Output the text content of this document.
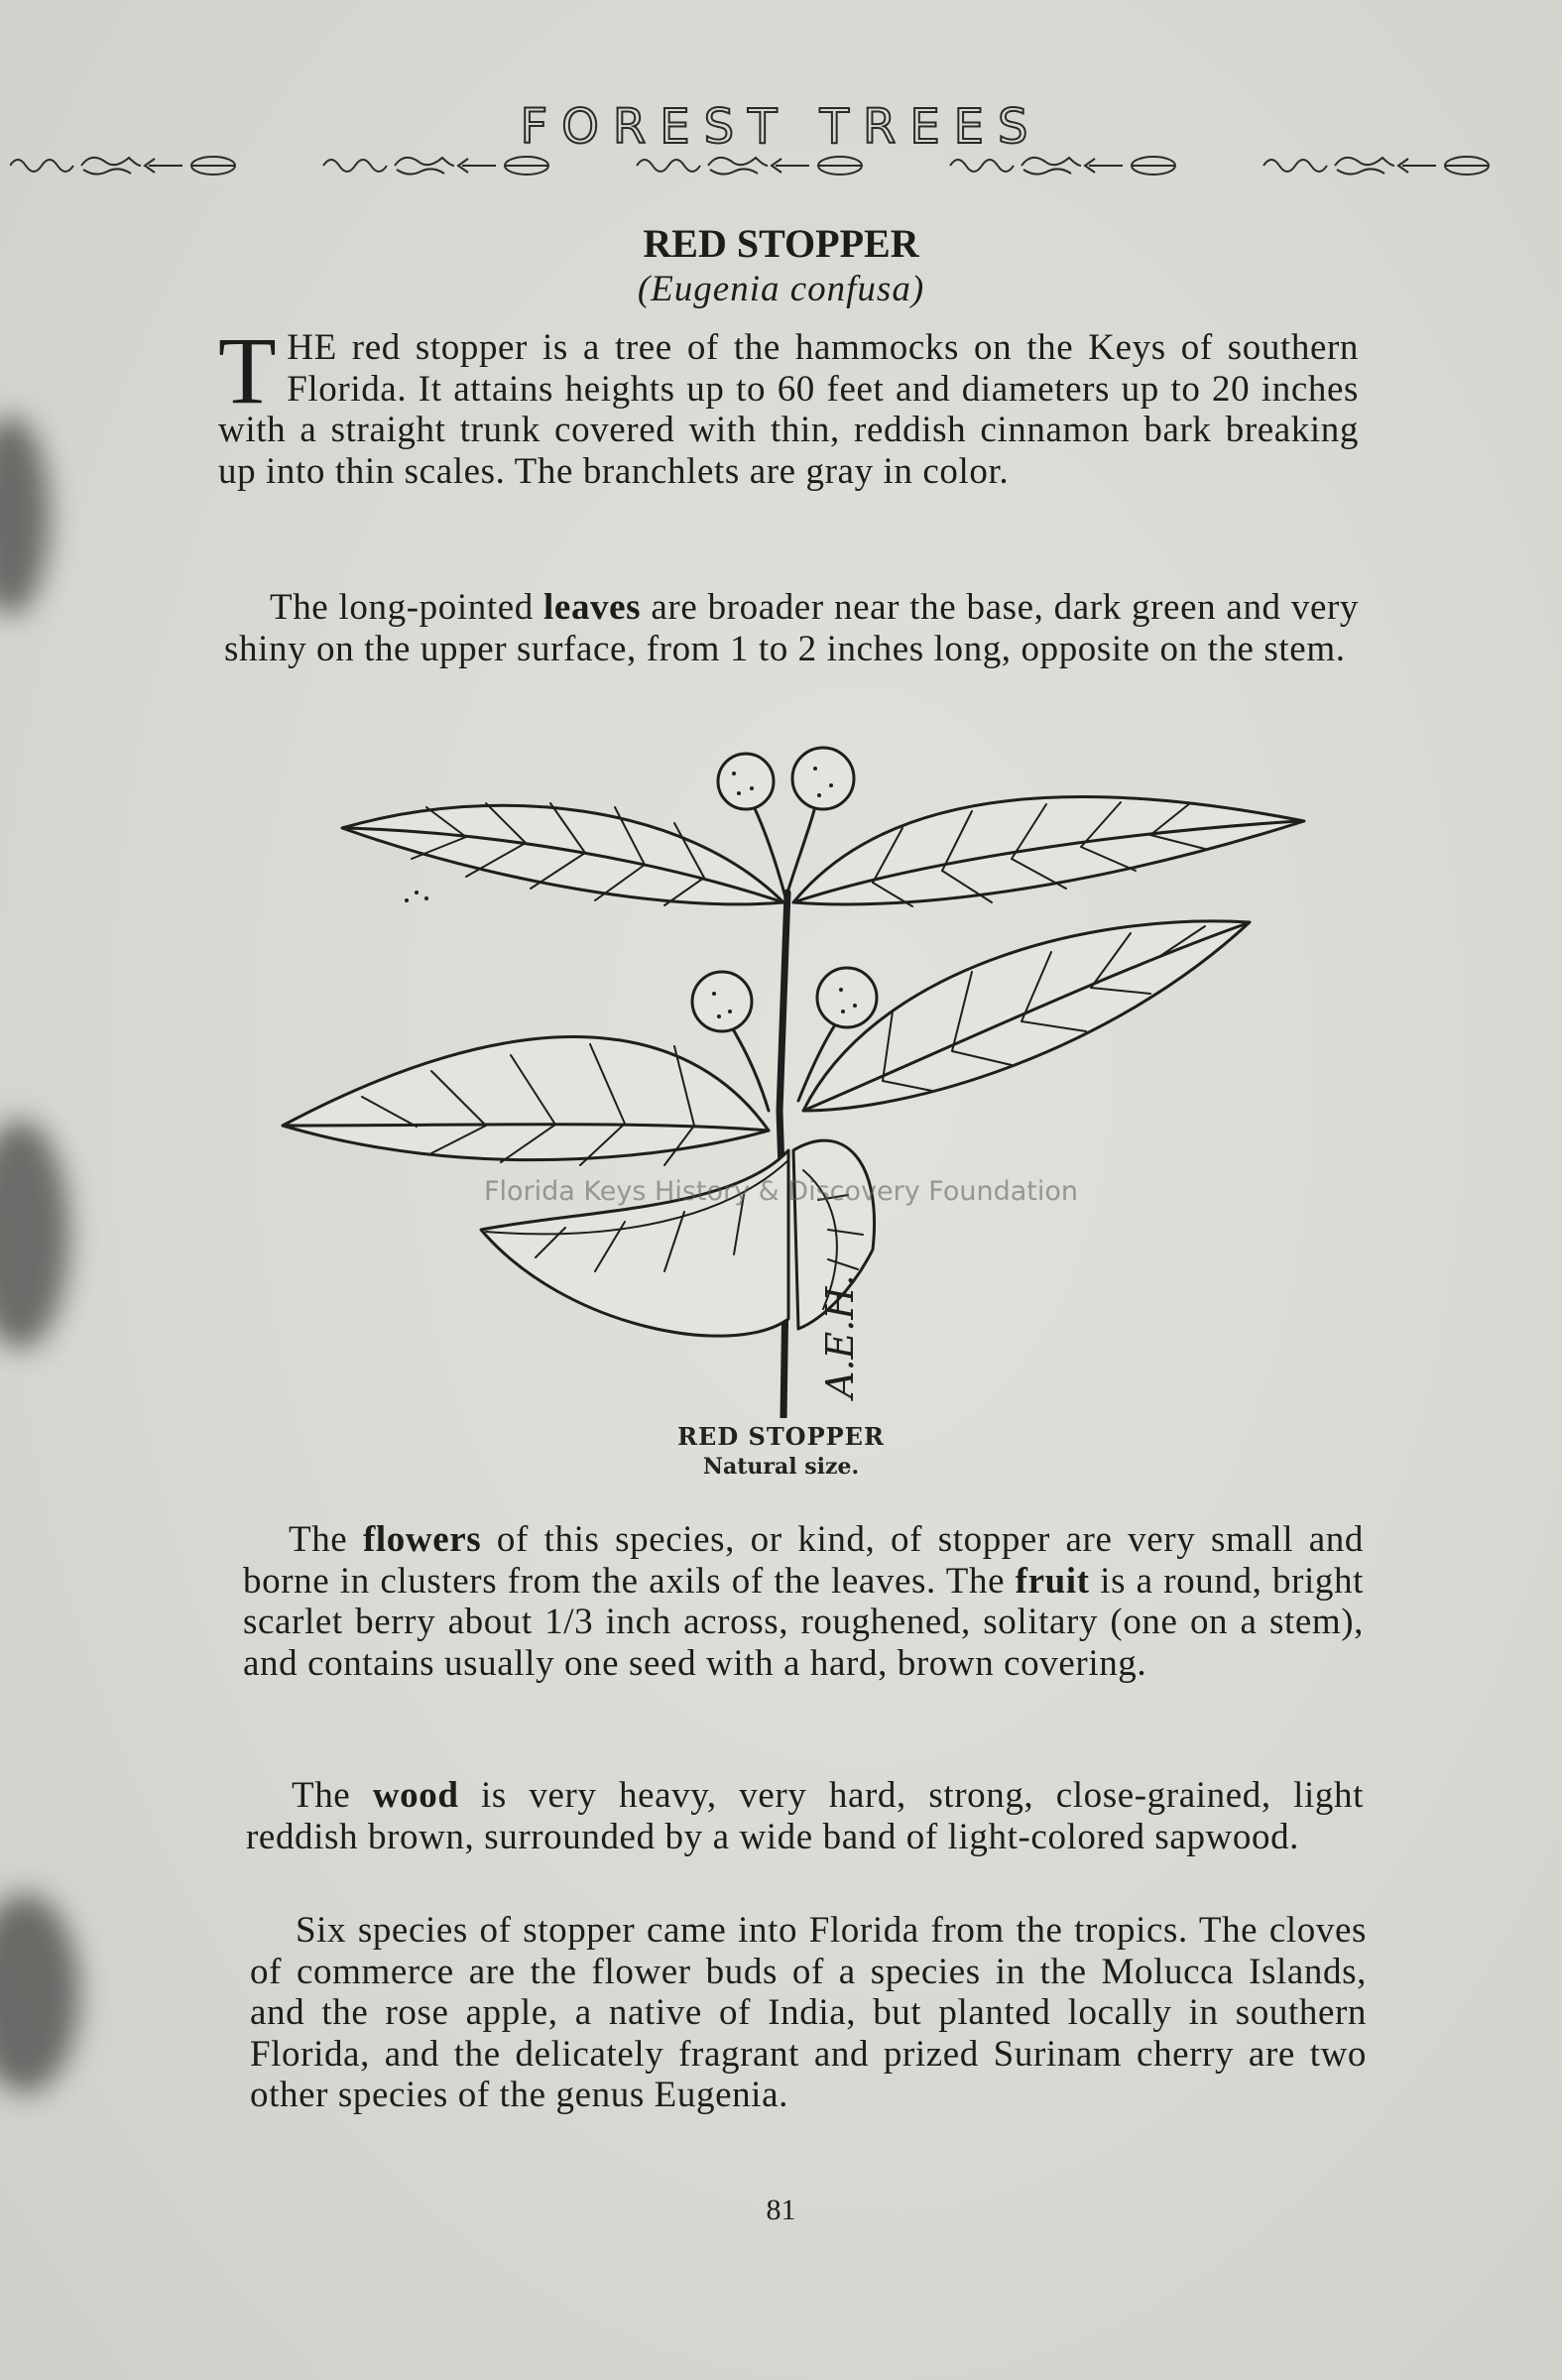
FOREST TREES
RED STOPPER
(Eugenia confusa)

THE red stopper is a tree of the hammocks on the Keys of southern Florida. It attains heights up to 60 feet and diameters up to 20 inches with a straight trunk covered with thin, reddish cinnamon bark breaking up into thin scales. The branchlets are gray in color.

The long-pointed leaves are broader near the base, dark green and very shiny on the upper surface, from 1 to 2 inches long, opposite on the stem.

A.E.H.
Florida Keys History & Discovery Foundation
RED STOPPER
Natural size.

The flowers of this species, or kind, of stopper are very small and borne in clusters from the axils of the leaves. The fruit is a round, bright scarlet berry about 1/3 inch across, roughened, solitary (one on a stem), and contains usually one seed with a hard, brown covering.

The wood is very heavy, very hard, strong, close-grained, light reddish brown, surrounded by a wide band of light-colored sapwood.

Six species of stopper came into Florida from the tropics. The cloves of commerce are the flower buds of a species in the Molucca Islands, and the rose apple, a native of India, but planted locally in southern Florida, and the delicately fragrant and prized Surinam cherry are two other species of the genus Eugenia.

81
